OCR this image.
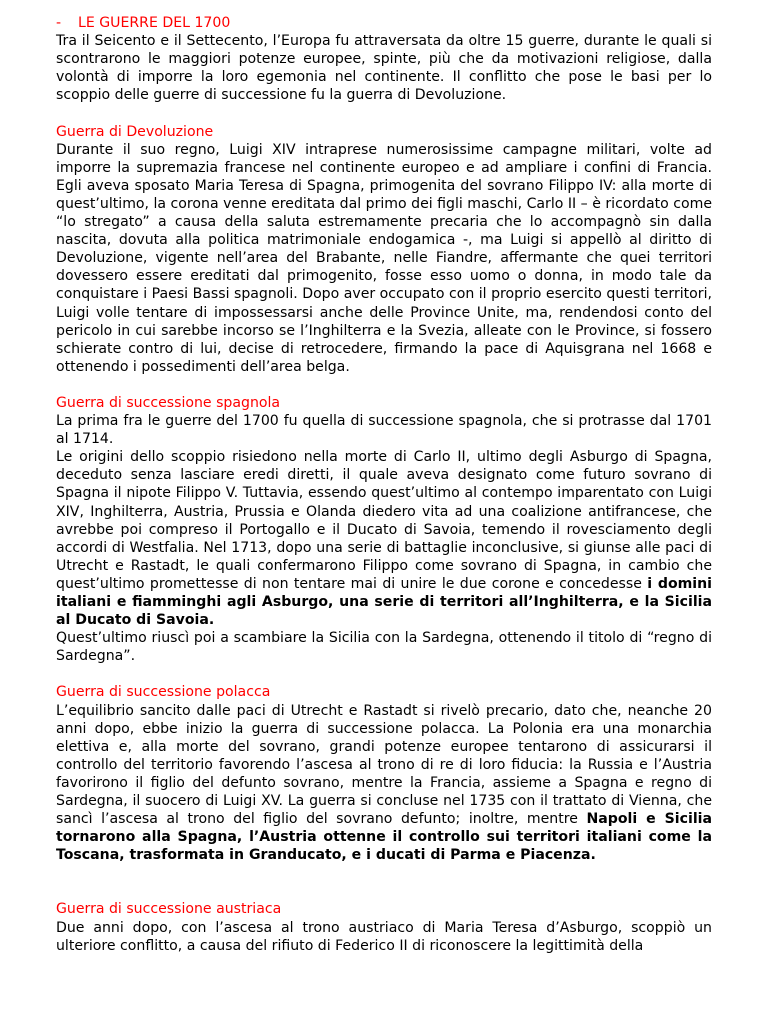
- LE GUERRE DEL 1700

Tra il Seicento e il Settecento, l’Europa fu attraversata da oltre 15 guerre, durante le quali si scontrarono le maggiori potenze europee, spinte, più che da motivazioni religiose, dalla volontà di imporre la loro egemonia nel continente. Il conflitto che pose le basi per lo scoppio delle guerre di successione fu la guerra di Devoluzione.

Guerra di Devoluzione

Durante il suo regno, Luigi XIV intraprese numerosissime campagne militari, volte ad imporre la supremazia francese nel continente europeo e ad ampliare i confini di Francia. Egli aveva sposato Maria Teresa di Spagna, primogenita del sovrano Filippo IV: alla morte di quest’ultimo, la corona venne ereditata dal primo dei figli maschi, Carlo II – è ricordato come “lo stregato” a causa della saluta estremamente precaria che lo accompagnò sin dalla nascita, dovuta alla politica matrimoniale endogamica -, ma Luigi si appellò al diritto di Devoluzione, vigente nell’area del Brabante, nelle Fiandre, affermante che quei territori dovessero essere ereditati dal primogenito, fosse esso uomo o donna, in modo tale da conquistare i Paesi Bassi spagnoli. Dopo aver occupato con il proprio esercito questi territori, Luigi volle tentare di impossessarsi anche delle Province Unite, ma, rendendosi conto del pericolo in cui sarebbe incorso se l’Inghilterra e la Svezia, alleate con le Province, si fossero schierate contro di lui, decise di retrocedere, firmando la pace di Aquisgrana nel 1668 e ottenendo i possedimenti dell’area belga.

Guerra di successione spagnola

La prima fra le guerre del 1700 fu quella di successione spagnola, che si protrasse dal 1701 al 1714.

Le origini dello scoppio risiedono nella morte di Carlo II, ultimo degli Asburgo di Spagna, deceduto senza lasciare eredi diretti, il quale aveva designato come futuro sovrano di Spagna il nipote Filippo V. Tuttavia, essendo quest’ultimo al contempo imparentato con Luigi XIV, Inghilterra, Austria, Prussia e Olanda diedero vita ad una coalizione antifrancese, che avrebbe poi compreso il Portogallo e il Ducato di Savoia, temendo il rovesciamento degli accordi di Westfalia. Nel 1713, dopo una serie di battaglie inconclusive, si giunse alle paci di Utrecht e Rastadt, le quali confermarono Filippo come sovrano di Spagna, in cambio che quest’ultimo promettesse di non tentare mai di unire le due corone e concedesse i domini italiani e fiamminghi agli Asburgo, una serie di territori all’Inghilterra, e la Sicilia al Ducato di Savoia.

Quest’ultimo riuscì poi a scambiare la Sicilia con la Sardegna, ottenendo il titolo di “regno di Sardegna”.

Guerra di successione polacca

L’equilibrio sancito dalle paci di Utrecht e Rastadt si rivelò precario, dato che, neanche 20 anni dopo, ebbe inizio la guerra di successione polacca. La Polonia era una monarchia elettiva e, alla morte del sovrano, grandi potenze europee tentarono di assicurarsi il controllo del territorio favorendo l’ascesa al trono di re di loro fiducia: la Russia e l’Austria favorirono il figlio del defunto sovrano, mentre la Francia, assieme a Spagna e regno di Sardegna, il suocero di Luigi XV. La guerra si concluse nel 1735 con il trattato di Vienna, che sancì l’ascesa al trono del figlio del sovrano defunto; inoltre, mentre Napoli e Sicilia tornarono alla Spagna, l’Austria ottenne il controllo sui territori italiani come la Toscana, trasformata in Granducato, e i ducati di Parma e Piacenza.

Guerra di successione austriaca

Due anni dopo, con l’ascesa al trono austriaco di Maria Teresa d’Asburgo, scoppiò un ulteriore conflitto, a causa del rifiuto di Federico II di riconoscere la legittimità della
